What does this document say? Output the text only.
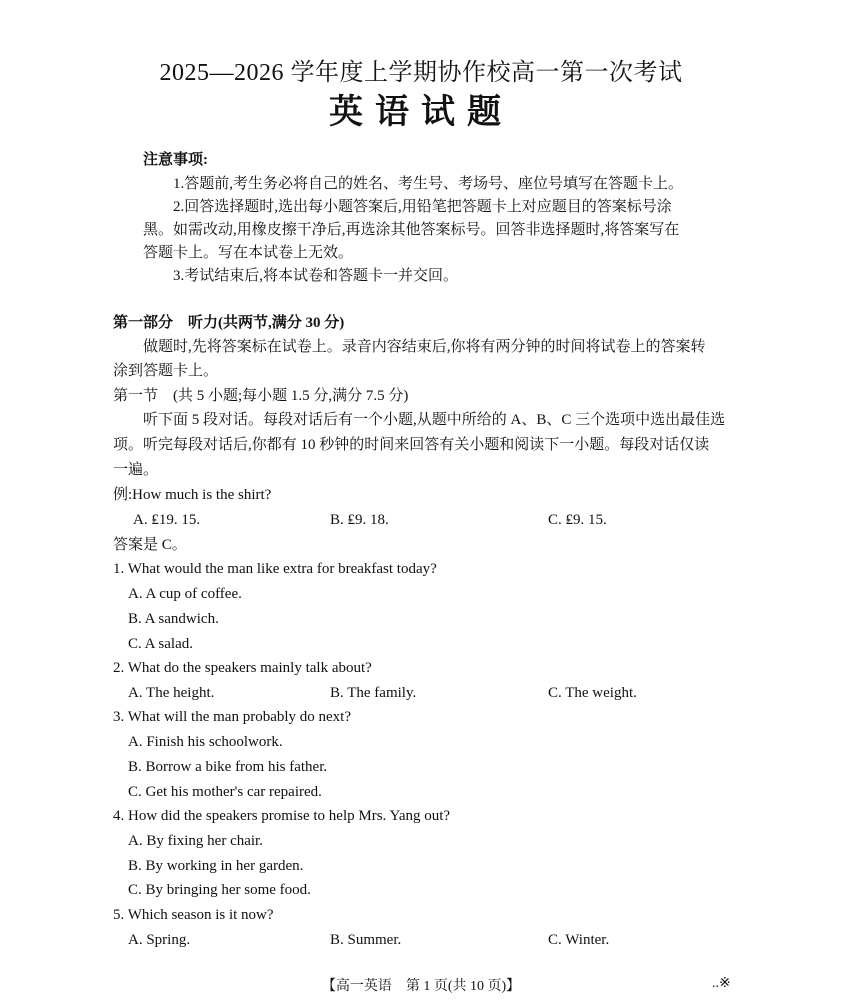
2025—2026 学年度上学期协作校高一第一次考试
英语试题
注意事项:
1.答题前,考生务必将自己的姓名、考生号、考场号、座位号填写在答题卡上。
2.回答选择题时,选出每小题答案后,用铅笔把答题卡上对应题目的答案标号涂
黑。如需改动,用橡皮擦干净后,再选涂其他答案标号。回答非选择题时,将答案写在
答题卡上。写在本试卷上无效。
3.考试结束后,将本试卷和答题卡一并交回。
第一部分　听力(共两节,满分 30 分)
做题时,先将答案标在试卷上。录音内容结束后,你将有两分钟的时间将试卷上的答案转
涂到答题卡上。
第一节　(共 5 小题;每小题 1.5 分,满分 7.5 分)
听下面 5 段对话。每段对话后有一个小题,从题中所给的 A、B、C 三个选项中选出最佳选
项。听完每段对话后,你都有 10 秒钟的时间来回答有关小题和阅读下一小题。每段对话仅读
一遍。
例:How much is the shirt?
A. ₤19. 15.	B. ₤9. 18.	C. ₤9. 15.
答案是 C。
1. What would the man like extra for breakfast today?
A. A cup of coffee.
B. A sandwich.
C. A salad.
2. What do the speakers mainly talk about?
A. The height.	B. The family.	C. The weight.
3. What will the man probably do next?
A. Finish his schoolwork.
B. Borrow a bike from his father.
C. Get his mother's car repaired.
4. How did the speakers promise to help Mrs. Yang out?
A. By fixing her chair.
B. By working in her garden.
C. By bringing her some food.
5. Which season is it now?
A. Spring.	B. Summer.	C. Winter.
【高一英语　第 1 页(共 10 页)】	..※
